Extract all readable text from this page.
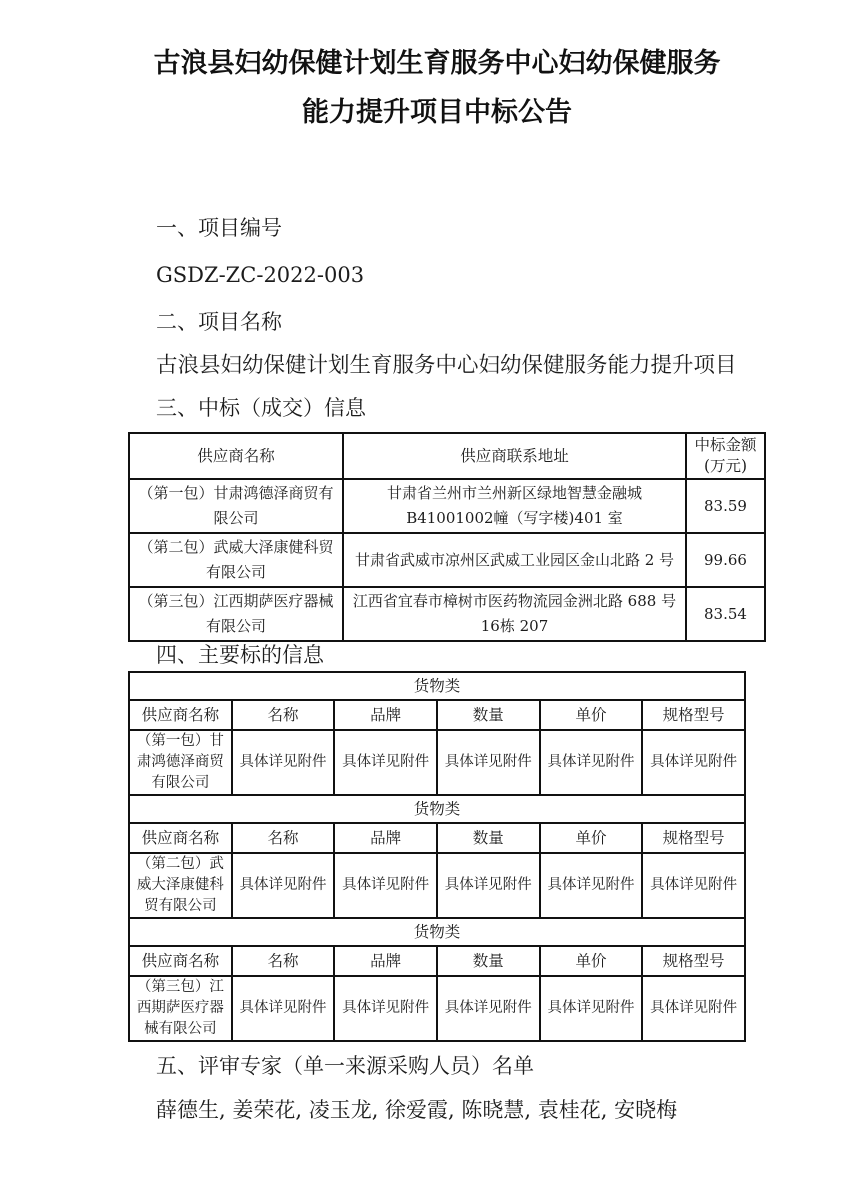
古浪县妇幼保健计划生育服务中心妇幼保健服务
能力提升项目中标公告
一、项目编号
GSDZ-ZC-2022-003
二、项目名称

古浪县妇幼保健计划生育服务中心妇幼保健服务能力提升项目

三、中标（成交）信息
供应商名称	供应商联系地址	中标金额
(万元)
（第一包）甘肃鸿德泽商贸有限公司	甘肃省兰州市兰州新区绿地智慧金融城 B41001002幢（写字楼)401 室	83.59
（第二包）武威大泽康健科贸有限公司	甘肃省武威市凉州区武威工业园区金山北路 2 号	99.66
（第三包）江西期萨医疗器械有限公司	江西省宜春市樟树市医药物流园金洲北路 688 号 16栋 207	83.54
四、主要标的信息
货物类					
供应商名称	名称	品牌	数量	单价	规格型号
（第一包）甘肃鸿德泽商贸有限公司	具体详见附件	具体详见附件	具体详见附件	具体详见附件	具体详见附件
货物类					
供应商名称	名称	品牌	数量	单价	规格型号
（第二包）武威大泽康健科贸有限公司	具体详见附件	具体详见附件	具体详见附件	具体详见附件	具体详见附件
货物类					
供应商名称	名称	品牌	数量	单价	规格型号
（第三包）江西期萨医疗器械有限公司	具体详见附件	具体详见附件	具体详见附件	具体详见附件	具体详见附件
五、评审专家（单一来源采购人员）名单
薛德生, 姜荣花, 凌玉龙, 徐爱霞, 陈晓慧, 袁桂花, 安晓梅
